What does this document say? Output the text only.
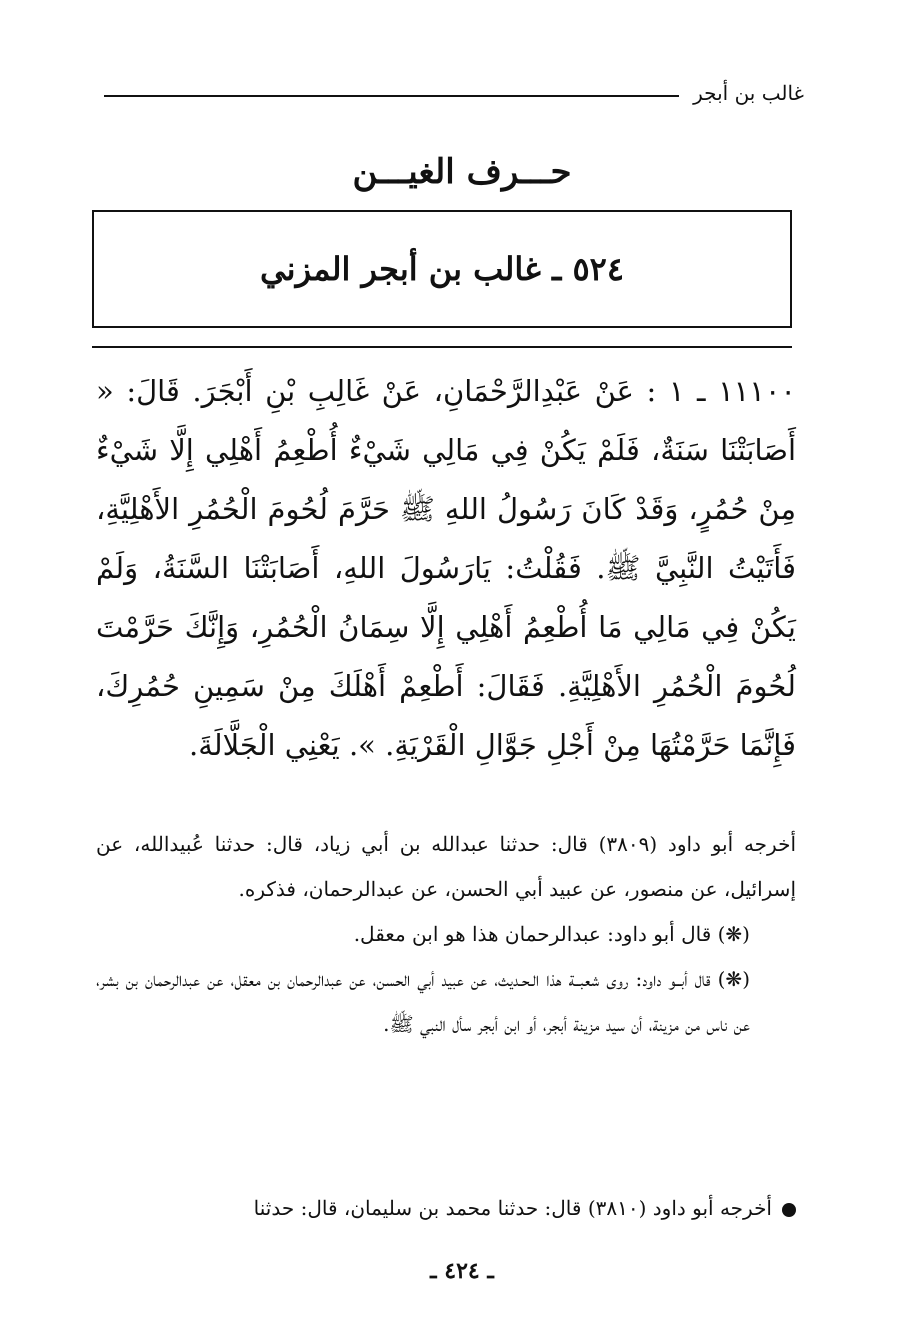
غالب بن أبجر
حـــرف الغيـــن
٥٢٤ ـ غالب بن أبجر المزني

١١١٠٠ ـ ١ : عَنْ عَبْدِالرَّحْمَانِ، عَنْ غَالِبِ بْنِ أَبْجَرَ. قَالَ: « أَصَابَتْنَا سَنَةٌ، فَلَمْ يَكُنْ فِي مَالِي شَيْءٌ أُطْعِمُ أَهْلِي إِلَّا شَيْءٌ مِنْ حُمُرٍ، وَقَدْ كَانَ رَسُولُ اللهِ ﷺ حَرَّمَ لُحُومَ الْحُمُرِ الأَهْلِيَّةِ، فَأَتَيْتُ النَّبِيَّ ﷺ. فَقُلْتُ: يَارَسُولَ اللهِ، أَصَابَتْنَا السَّنَةُ، وَلَمْ يَكُنْ فِي مَالِي مَا أُطْعِمُ أَهْلِي إِلَّا سِمَانُ الْحُمُرِ، وَإِنَّكَ حَرَّمْتَ لُحُومَ الْحُمُرِ الأَهْلِيَّةِ. فَقَالَ: أَطْعِمْ أَهْلَكَ مِنْ سَمِينِ حُمُرِكَ، فَإِنَّمَا حَرَّمْتُهَا مِنْ أَجْلِ جَوَّالِ الْقَرْيَةِ. ». يَعْنِي الْجَلَّالَةَ.

أخرجه أبو داود (٣٨٠٩) قال: حدثنا عبدالله بن أبي زياد، قال: حدثنا عُبيدالله، عن إسرائيل، عن منصور، عن عبيد أبي الحسن، عن عبدالرحمان، فذكره.

(❋) قال أبو داود: عبدالرحمان هذا هو ابن معقل.

(❋) قال أبــو داود: روى شعبــة هذا الـحـديث، عن عبيد أبي الحسن، عن عبدالرحمان بن معقل، عن عبدالرحمان بن بشر، عن ناس من مزينة، أن سيد مزينة أبجر، أو ابن أبجر سأل النبي ﷺ.

أخرجه أبو داود (٣٨١٠) قال: حدثنا محمد بن سليمان، قال: حدثنا
ـ ٤٢٤ ـ
